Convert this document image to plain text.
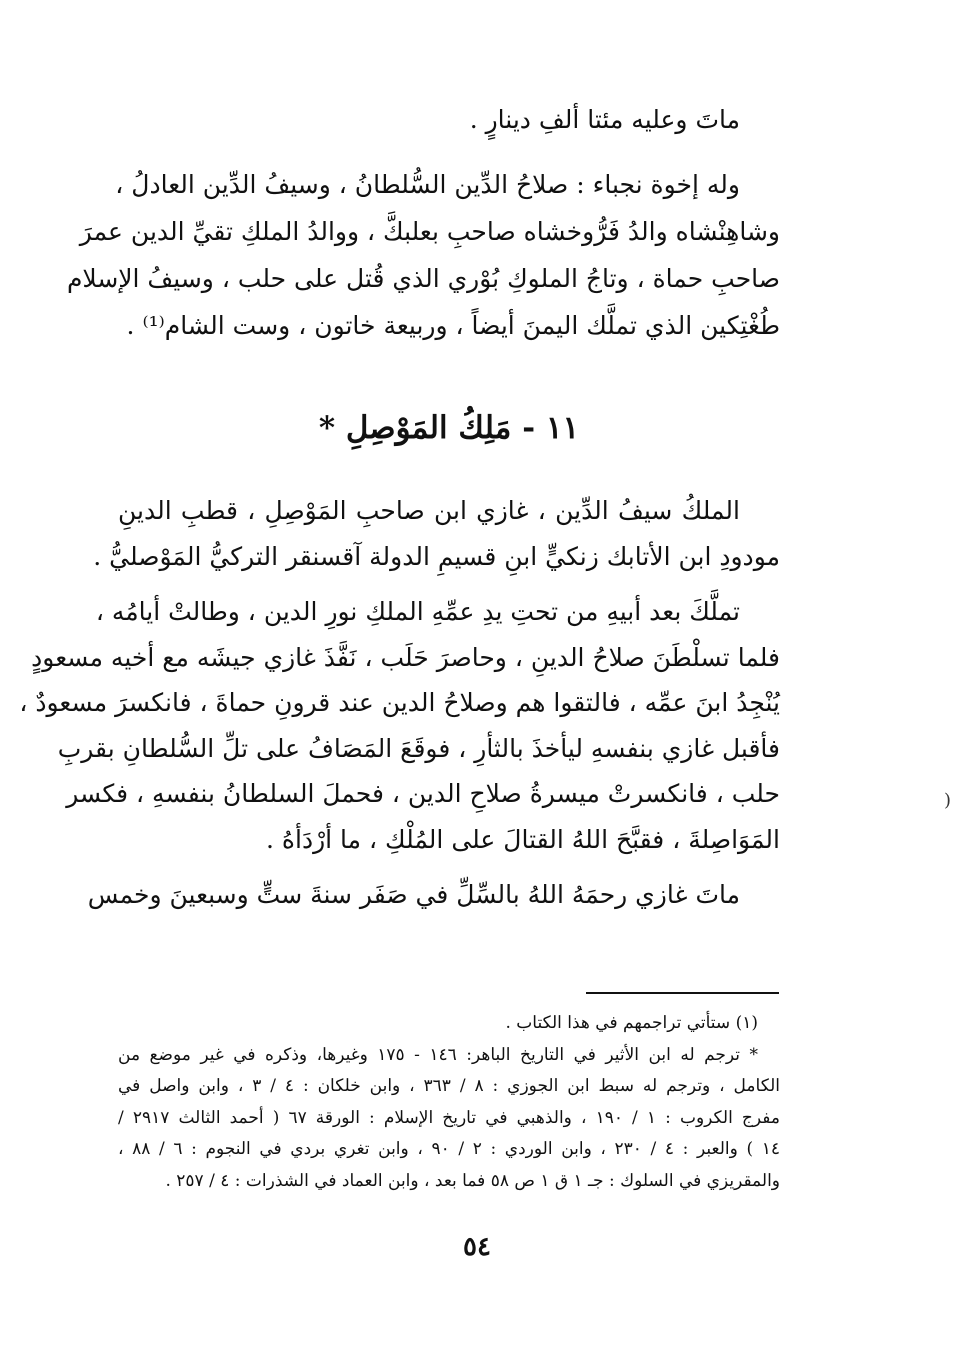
ماتَ وعليه مئتا ألفِ دينارٍ .

وله إخوة نجباء : صلاحُ الدِّين السُّلطانُ ، وسيفُ الدِّين العادلُ ،
وشاهِنْشاه والدُ فَرُّوخشاه صاحبِ بعلبكَّ ، ووالدُ الملكِ تقيِّ الدين عمرَ
صاحبِ حماة ، وتاجُ الملوكِ بُوْري الذي قُتل على حلب ، وسيفُ الإسلام
طُغْتِكين الذي تملَّك اليمنَ أيضاً ، وربيعة خاتون ، وست الشام⁽¹⁾ .

١١ - مَلِكُ المَوْصِلِ *

الملكُ سيفُ الدِّين ، غازي ابن صاحبِ المَوْصِلِ ، قطبِ الدينِ
مودودِ ابن الأتابك زنكيٍّ ابنِ قسيمِ الدولة آقسنقر التركيُّ المَوْصليُّ .

تملَّكَ بعد أبيهِ من تحتِ يدِ عمِّهِ الملكِ نورِ الدين ، وطالتْ أيامُه ،
فلما تسلْطَنَ صلاحُ الدينِ ، وحاصرَ حَلَب ، نَفَّذَ غازي جيشَه مع أخيه مسعودٍ
يُنْجِدُ ابنَ عمِّه ، فالتقوا هم وصلاحُ الدين عند قرونِ حماةَ ، فانكسرَ مسعودٌ ،
فأقبل غازي بنفسهِ ليأخذَ بالثأرِ ، فوقَعَ المَصَافُ على تلِّ السُّلطانِ بقربِ
حلب ، فانكسرتْ ميسرةُ صلاحِ الدين ، فحملَ السلطانُ بنفسهِ ، فكسر
المَوَاصِلةَ ، فقبَّحَ اللهُ القتالَ على المُلْكِ ، ما أرْدَأهُ .

ماتَ غازي رحمَهُ اللهُ بالسِّلِّ في صَفَر سنةَ ستٍّ وسبعينَ وخمس

(١) ستأتي تراجمهم في هذا الكتاب .

* ترجم له ابن الأثير في التاريخ الباهر: ١٤٦ - ١٧٥ وغيرها، وذكره في غير موضع من
الكامل ، وترجم له سبط ابن الجوزي : ٨ / ٣٦٣ ، وابن خلكان : ٤ / ٣ ، وابن واصل في
مفرج الكروب : ١ / ١٩٠ ، والذهبي في تاريخ الإسلام : الورقة ٦٧ ( أحمد الثالث ٢٩١٧ /
١٤ ) والعبر : ٤ / ٢٣٠ ، وابن الوردي : ٢ / ٩٠ ، وابن تغري بردي في النجوم : ٦ / ٨٨ ،
والمقريزي في السلوك : جـ ١ ق ١ ص ٥٨ فما بعد ، وابن العماد في الشذرات : ٤ / ٢٥٧ .

٥٤
(
